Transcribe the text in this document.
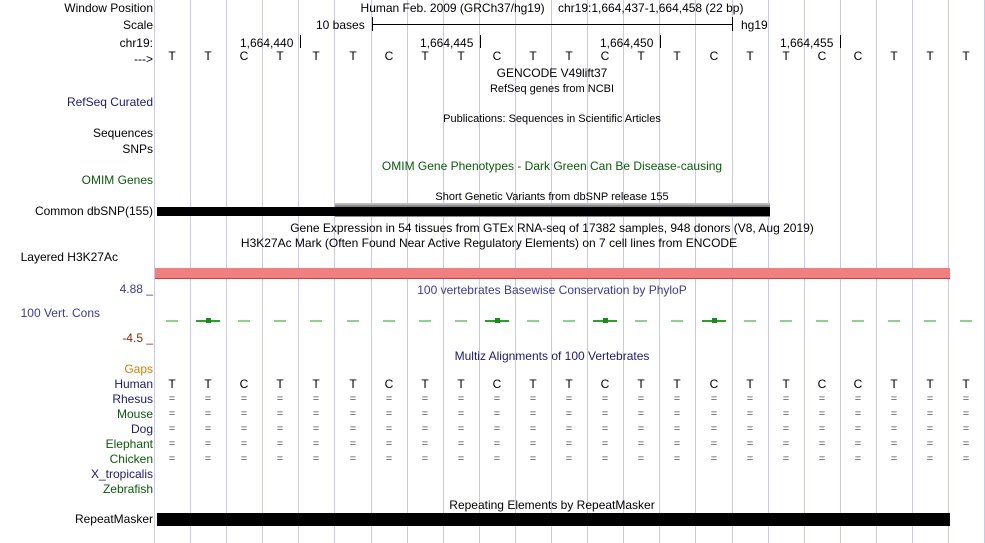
Window Position
Scale
chr19:
--->
RefSeq Curated
Sequences
SNPs
OMIM Genes
Common dbSNP(155)
Layered H3K27Ac
4.88 _
100 Vert. Cons
-4.5 _
Gaps
Human
Rhesus
Mouse
Dog
Elephant
Chicken
X_tropicalis
Zebrafish
RepeatMasker
Human Feb. 2009 (GRCh37/hg19)    chr19:1,664,437-1,664,458 (22 bp)
10 bases	hg19
1,664,440	1,664,445	1,664,450	1,664,455
T	T	C	T	T	T	C	T	T	C	T	T	C	T	T	C	T	T	C	C	T	T	T
GENCODE V49lift37
RefSeq genes from NCBI
Publications: Sequences in Scientific Articles
OMIM Gene Phenotypes - Dark Green Can Be Disease-causing
Short Genetic Variants from dbSNP release 155
Gene Expression in 54 tissues from GTEx RNA-seq of 17382 samples, 948 donors (V8, Aug 2019)
H3K27Ac Mark (Often Found Near Active Regulatory Elements) on 7 cell lines from ENCODE
100 vertebrates Basewise Conservation by PhyloP
Multiz Alignments of 100 Vertebrates
T	T	C	T	T	T	C	T	T	C	T	T	C	T	T	C	T	T	C	C	T	T	T
=	=	=	=	=	=	=	=	=	=	=	=	=	=	=	=	=	=	=	=	=	=	=
=	=	=	=	=	=	=	=	=	=	=	=	=	=	=	=	=	=	=	=	=	=	=
=	=	=	=	=	=	=	=	=	=	=	=	=	=	=	=	=	=	=	=	=	=	=
=	=	=	=	=	=	=	=	=	=	=	=	=	=	=	=	=	=	=	=	=	=	=
=	=	=	=	=	=	=	=	=	=	=	=	=	=	=	=	=	=	=	=	=	=	=
Repeating Elements by RepeatMasker
